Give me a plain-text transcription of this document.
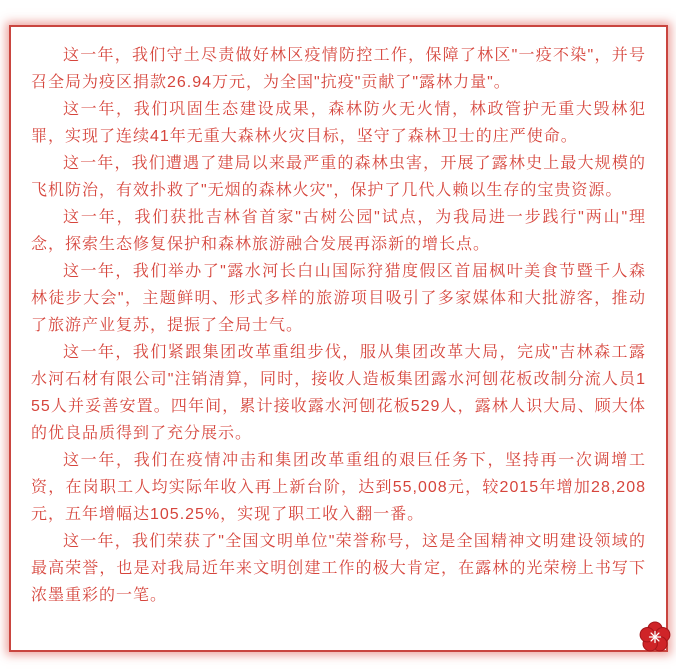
这一年，我们守土尽责做好林区疫情防控工作，保障了林区"一疫不染"，并号召全局为疫区捐款26.94万元，为全国"抗疫"贡献了"露林力量"。

这一年，我们巩固生态建设成果，森林防火无火情，林政管护无重大毁林犯罪，实现了连续41年无重大森林火灾目标，坚守了森林卫士的庄严使命。

这一年，我们遭遇了建局以来最严重的森林虫害，开展了露林史上最大规模的飞机防治，有效扑救了"无烟的森林火灾"，保护了几代人赖以生存的宝贵资源。

这一年，我们获批吉林省首家"古树公园"试点，为我局进一步践行"两山"理念，探索生态修复保护和森林旅游融合发展再添新的增长点。

这一年，我们举办了"露水河长白山国际狩猎度假区首届枫叶美食节暨千人森林徒步大会"，主题鲜明、形式多样的旅游项目吸引了多家媒体和大批游客，推动了旅游产业复苏，提振了全局士气。

这一年，我们紧跟集团改革重组步伐，服从集团改革大局，完成"吉林森工露水河石材有限公司"注销清算，同时，接收人造板集团露水河刨花板改制分流人员155人并妥善安置。四年间，累计接收露水河刨花板529人，露林人识大局、顾大体的优良品质得到了充分展示。

这一年，我们在疫情冲击和集团改革重组的艰巨任务下，坚持再一次调增工资，在岗职工人均实际年收入再上新台阶，达到55,008元，较2015年增加28,208元，五年增幅达105.25%，实现了职工收入翻一番。

这一年，我们荣获了"全国文明单位"荣誉称号，这是全国精神文明建设领域的最高荣誉，也是对我局近年来文明创建工作的极大肯定，在露林的光荣榜上书写下浓墨重彩的一笔。
